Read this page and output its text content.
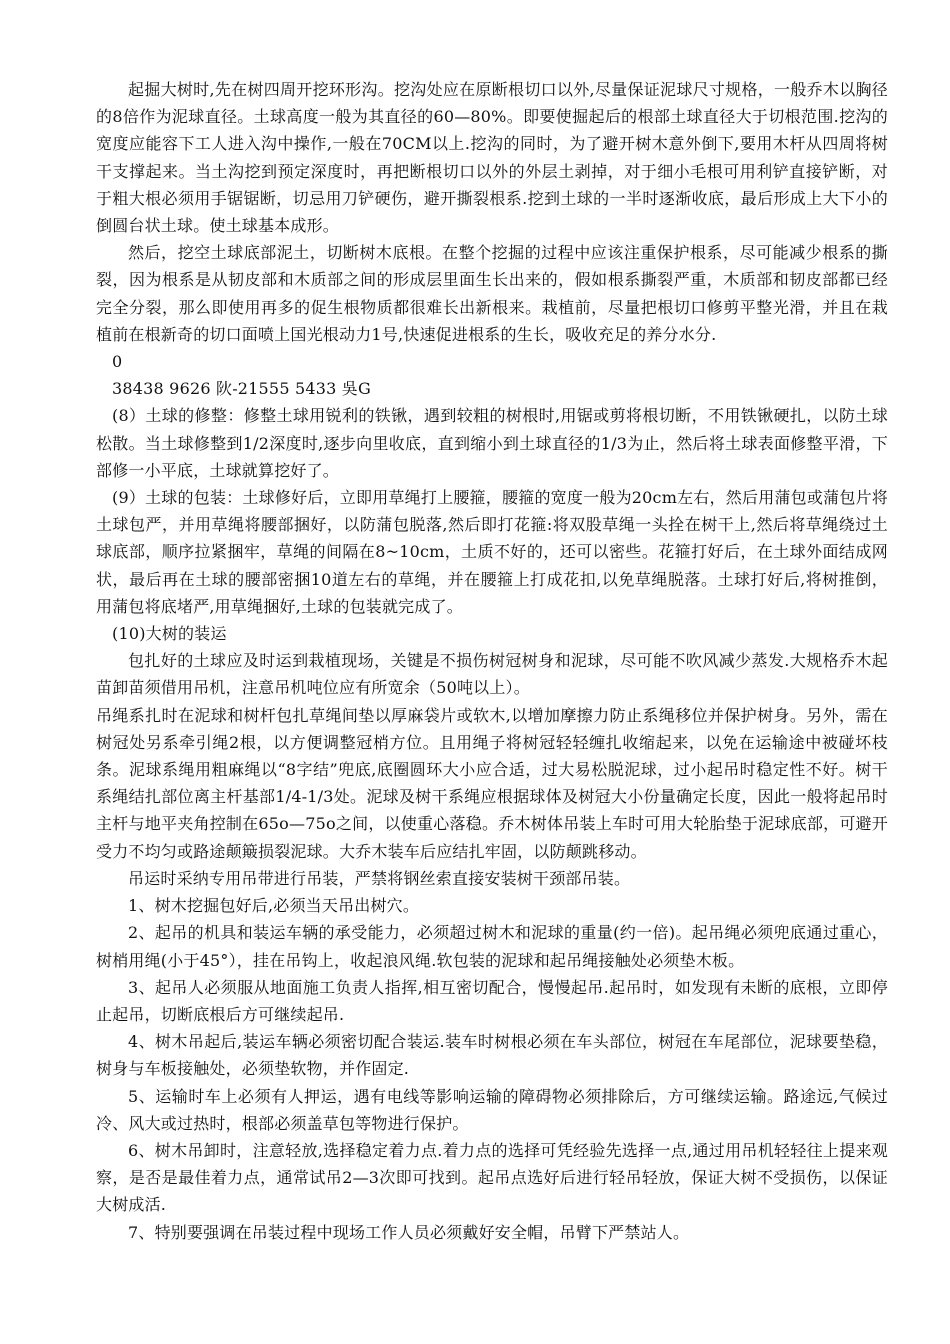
起掘大树时,先在树四周开挖环形沟。挖沟处应在原断根切口以外,尽量保证泥球尺寸规格，一般乔木以胸径的8倍作为泥球直径。土球高度一般为其直径的60—80%。即要使掘起后的根部土球直径大于切根范围.挖沟的宽度应能容下工人进入沟中操作,一般在70CM以上.挖沟的同时，为了避开树木意外倒下,要用木杆从四周将树干支撑起来。当土沟挖到预定深度时，再把断根切口以外的外层土剥掉，对于细小毛根可用利铲直接铲断，对于粗大根必须用手锯锯断，切忌用刀铲硬伤，避开撕裂根系.挖到土球的一半时逐渐收底，最后形成上大下小的倒圆台状土球。使土球基本成形。

然后，挖空土球底部泥土，切断树木底根。在整个挖掘的过程中应该注重保护根系，尽可能减少根系的撕裂，因为根系是从韧皮部和木质部之间的形成层里面生长出来的，假如根系撕裂严重，木质部和韧皮部都已经完全分裂，那么即使用再多的促生根物质都很难长出新根来。栽植前，尽量把根切口修剪平整光滑，并且在栽植前在根新奇的切口面喷上国光根动力1号,快速促进根系的生长，吸收充足的养分水分.

0

38438 9626 阦-21555 5433 吳G

(8）土球的修整：修整土球用锐利的铁锹，遇到较粗的树根时,用锯或剪将根切断，不用铁锹硬扎，以防土球松散。当土球修整到1/2深度时,逐步向里收底，直到缩小到土球直径的1/3为止，然后将土球表面修整平滑，下部修一小平底，土球就算挖好了。

(9）土球的包装：土球修好后，立即用草绳打上腰箍，腰箍的宽度一般为20cm左右，然后用蒲包或蒲包片将土球包严，并用草绳将腰部捆好，以防蒲包脱落,然后即打花箍:将双股草绳一头拴在树干上,然后将草绳绕过土球底部，顺序拉紧捆牢，草绳的间隔在8~10cm，土质不好的，还可以密些。花箍打好后，在土球外面结成网状，最后再在土球的腰部密捆10道左右的草绳，并在腰箍上打成花扣,以免草绳脱落。土球打好后,将树推倒，用蒲包将底堵严,用草绳捆好,土球的包装就完成了。

(10)大树的装运

包扎好的土球应及时运到栽植现场，关键是不损伤树冠树身和泥球，尽可能不吹风减少蒸发.大规格乔木起苗卸苗须借用吊机，注意吊机吨位应有所宽余（50吨以上）。

吊绳系扎时在泥球和树杆包扎草绳间垫以厚麻袋片或软木,以增加摩擦力防止系绳移位并保护树身。另外，需在树冠处另系牵引绳2根，以方便调整冠梢方位。且用绳子将树冠轻轻缠扎收缩起来，以免在运输途中被碰坏枝条。泥球系绳用粗麻绳以“8字结”兜底,底圈圆环大小应合适，过大易松脱泥球，过小起吊时稳定性不好。树干系绳结扎部位离主杆基部1/4-1/3处。泥球及树干系绳应根据球体及树冠大小份量确定长度，因此一般将起吊时主杆与地平夹角控制在65o—75o之间，以使重心落稳。乔木树体吊装上车时可用大轮胎垫于泥球底部，可避开受力不均匀或路途颠簸损裂泥球。大乔木装车后应结扎牢固，以防颠跳移动。

吊运时采纳专用吊带进行吊装，严禁将钢丝索直接安装树干颈部吊装。

1、树木挖掘包好后,必须当天吊出树穴。

2、起吊的机具和装运车辆的承受能力，必须超过树木和泥球的重量(约一倍)。起吊绳必须兜底通过重心，树梢用绳(小于45°），挂在吊钩上，收起浪风绳.软包装的泥球和起吊绳接触处必须垫木板。

3、起吊人必须服从地面施工负责人指挥,相互密切配合，慢慢起吊.起吊时，如发现有未断的底根，立即停止起吊，切断底根后方可继续起吊.

4、树木吊起后,装运车辆必须密切配合装运.装车时树根必须在车头部位，树冠在车尾部位，泥球要垫稳，树身与车板接触处，必须垫软物，并作固定.

5、运输时车上必须有人押运，遇有电线等影响运输的障碍物必须排除后，方可继续运输。路途远,气候过冷、风大或过热时，根部必须盖草包等物进行保护。

6、树木吊卸时，注意轻放,选择稳定着力点.着力点的选择可凭经验先选择一点,通过用吊机轻轻往上提来观察，是否是最佳着力点，通常试吊2—3次即可找到。起吊点选好后进行轻吊轻放，保证大树不受损伤，以保证大树成活.

7、特别要强调在吊装过程中现场工作人员必须戴好安全帽，吊臂下严禁站人。
